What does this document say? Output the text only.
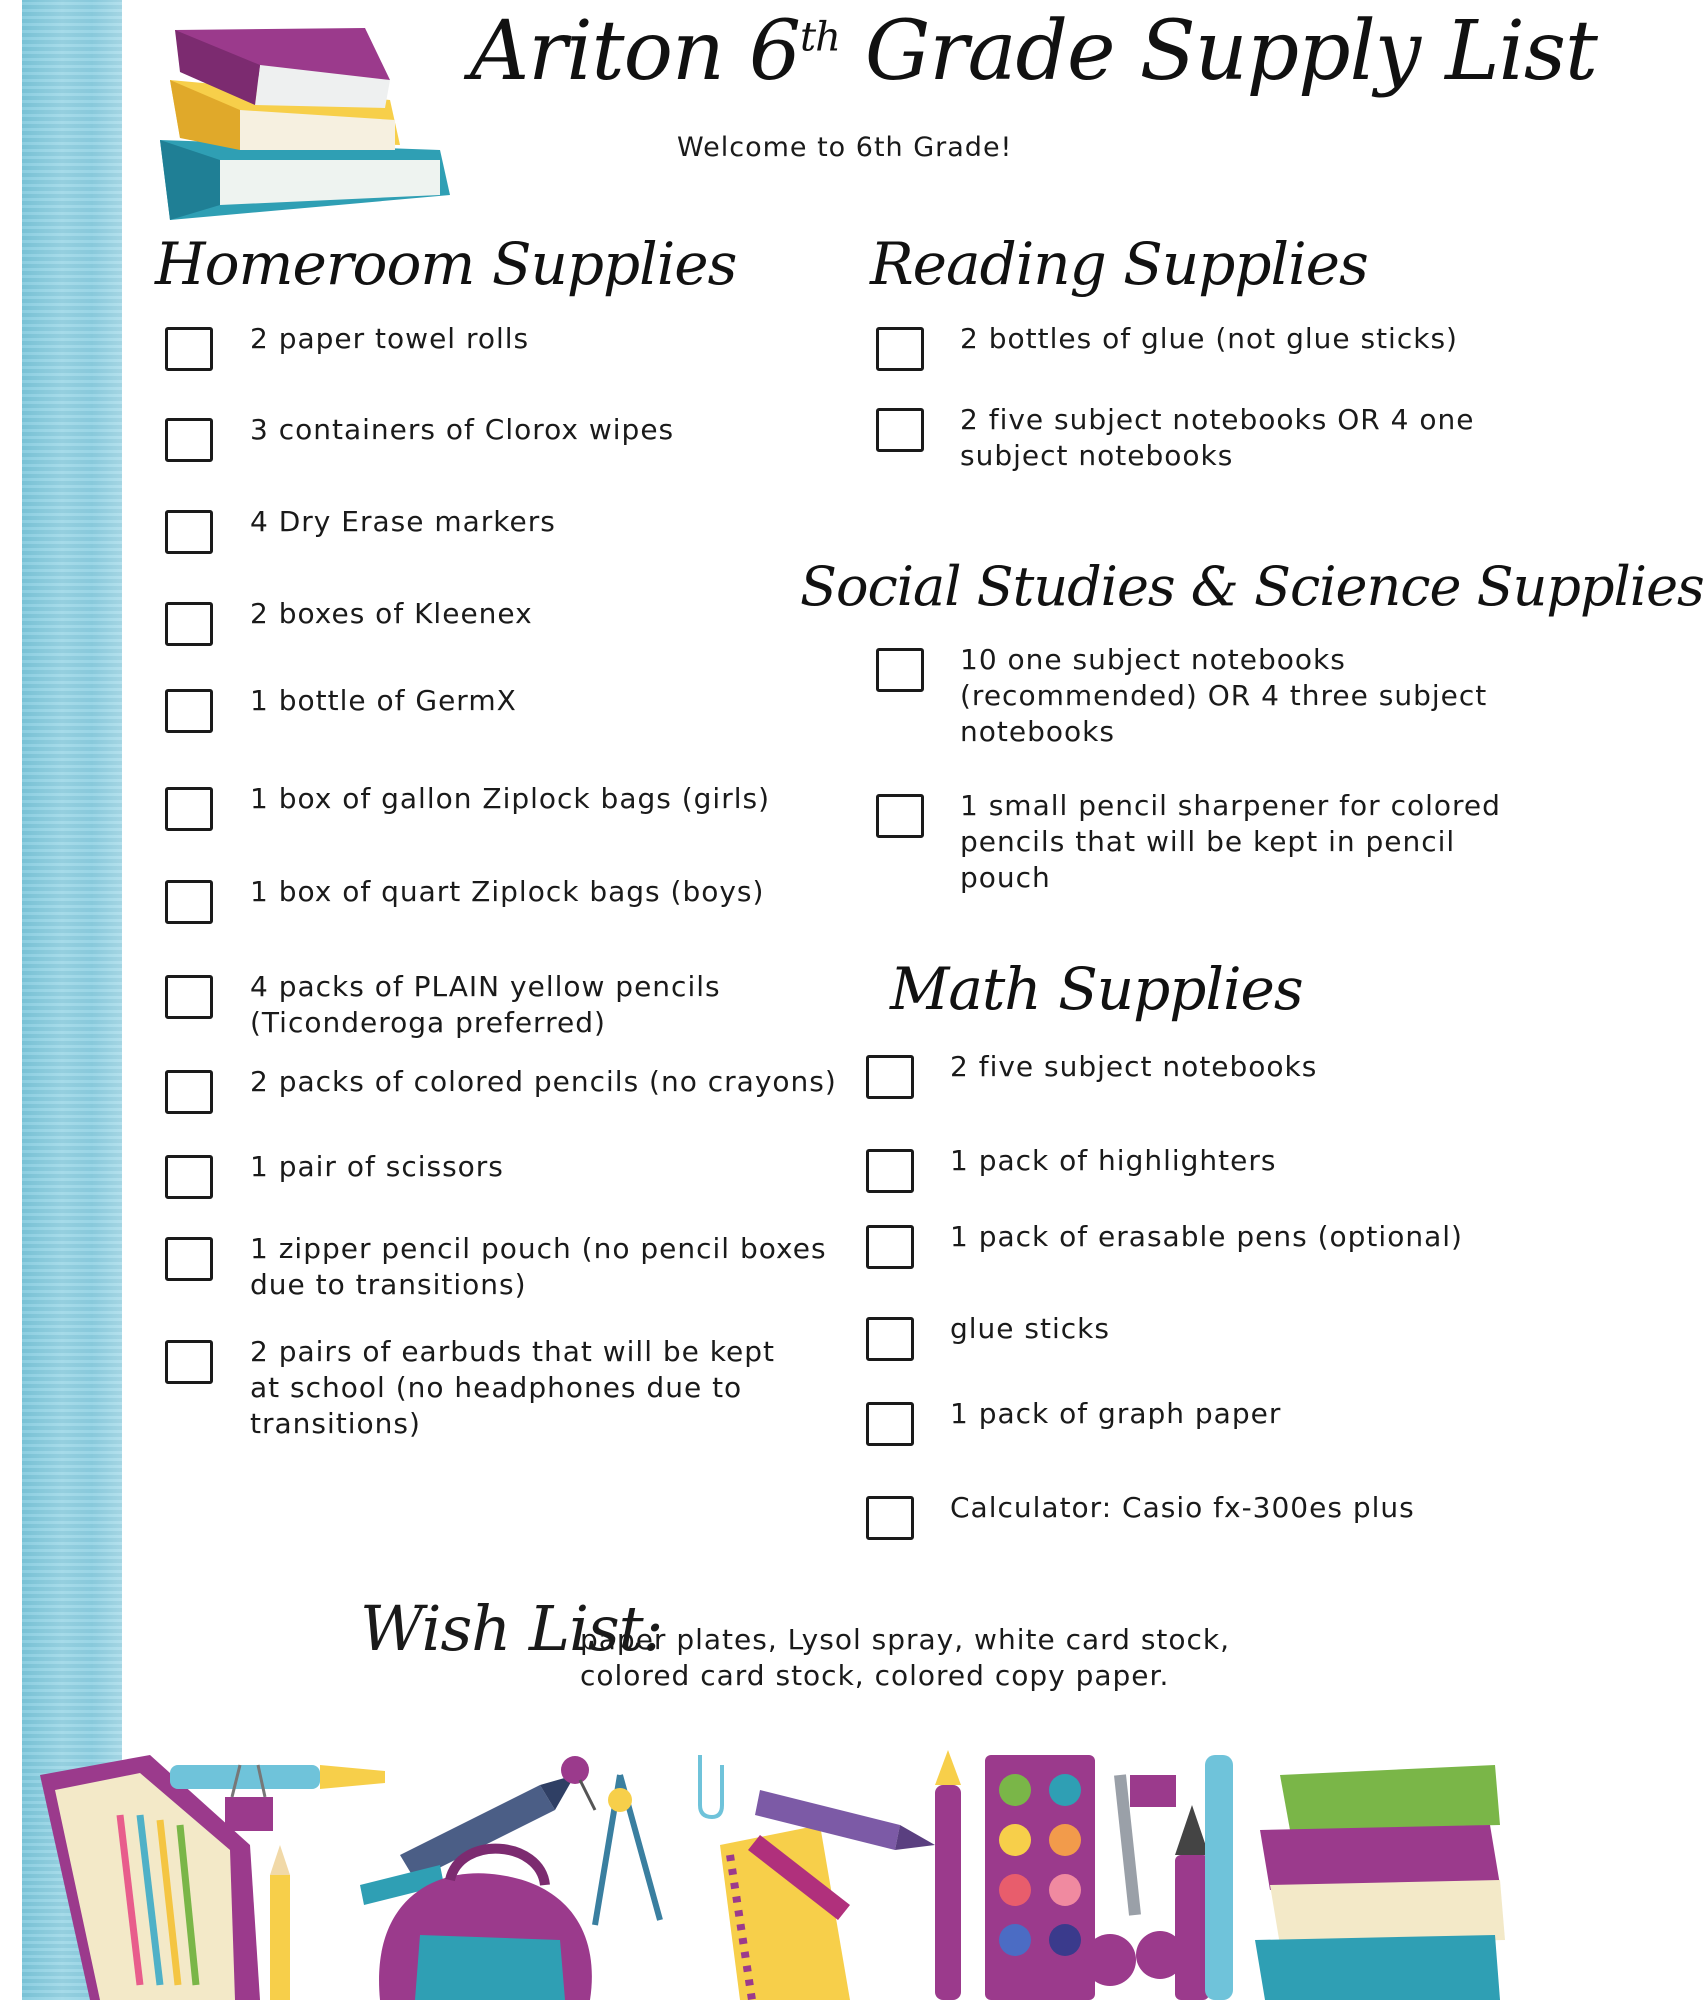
Ariton 6th Grade Supply List
Welcome to 6th Grade!
Homeroom Supplies
2 paper towel rolls
3 containers of Clorox wipes
4 Dry Erase markers
2 boxes of Kleenex
1 bottle of GermX
1 box of gallon Ziplock bags (girls)
1 box of quart Ziplock bags (boys)
4 packs of PLAIN yellow pencils
(Ticonderoga preferred)
2 packs of colored pencils (no crayons)
1 pair of scissors
1 zipper pencil pouch (no pencil boxes
due to transitions)
2 pairs of earbuds that will be kept
at school (no headphones due to
transitions)
Reading Supplies
2 bottles of glue (not glue sticks)
2 five subject notebooks OR 4 one
subject notebooks
Social Studies & Science Supplies
10 one subject notebooks
(recommended) OR 4 three subject
notebooks
1 small pencil sharpener for colored
pencils that will be kept in pencil
pouch
Math Supplies
2 five subject notebooks
1 pack of highlighters
1 pack of erasable pens (optional)
glue sticks
1 pack of graph paper
Calculator: Casio fx-300es plus
Wish List:
paper plates, Lysol spray, white card stock,
colored card stock, colored copy paper.
